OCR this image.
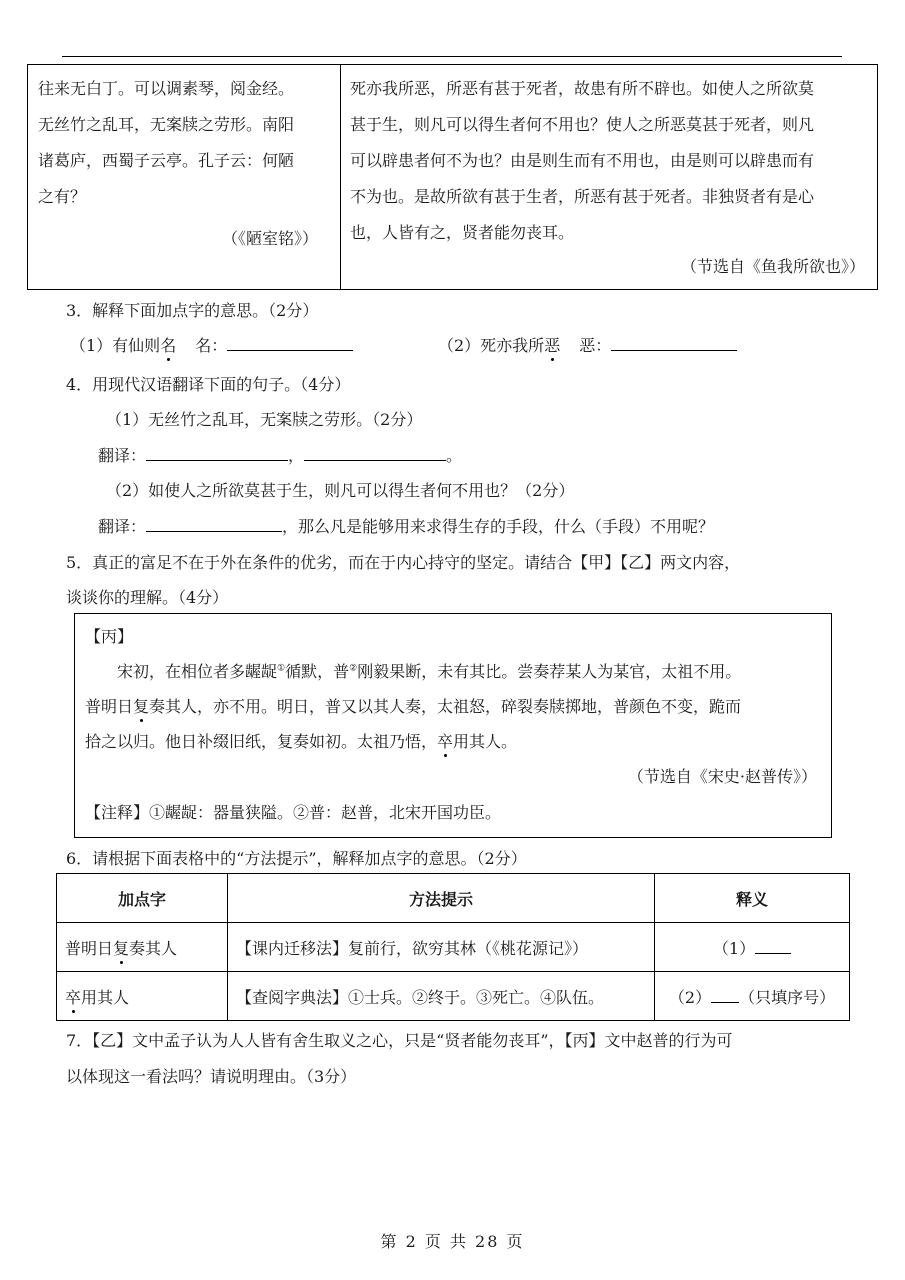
往来无白丁。可以调素琴，阅金经。
无丝竹之乱耳，无案牍之劳形。南阳
诸葛庐，西蜀子云亭。孔子云：何陋
之有？
（《陋室铭》）
死亦我所恶，所恶有甚于死者，故患有所不辟也。如使人之所欲莫
甚于生，则凡可以得生者何不用也？使人之所恶莫甚于死者，则凡
可以辟患者何不为也？由是则生而有不用也，由是则可以辟患而有
不为也。是故所欲有甚于生者，所恶有甚于死者。非独贤者有是心
也，人皆有之，贤者能勿丧耳。
（节选自《鱼我所欲也》）
3．解释下面加点字的意思。（2分）
（1）有仙则名 名：	（2）死亦我所恶 恶：
4．用现代汉语翻译下面的句子。（4分）
（1）无丝竹之乱耳，无案牍之劳形。（2分）
翻译：	，	。
（2）如使人之所欲莫甚于生，则凡可以得生者何不用也？（2分）
翻译：	，那么凡是能够用来求得生存的手段，什么（手段）不用呢？
5．真正的富足不在于外在条件的优劣，而在于内心持守的坚定。请结合【甲】【乙】两文内容，
谈谈你的理解。（4分）
【丙】
宋初，在相位者多龌龊①循默，普②刚毅果断，未有其比。尝奏荐某人为某官，太祖不用。
普明日复奏其人，亦不用。明日，普又以其人奏，太祖怒，碎裂奏牍掷地，普颜色不变，跪而
拾之以归。他日补缀旧纸，复奏如初。太祖乃悟，卒用其人。
（节选自《宋史·赵普传》）
【注释】①龌龊：器量狭隘。②普：赵普，北宋开国功臣。
6．请根据下面表格中的“方法提示”，解释加点字的意思。（2分）
加点字	方法提示	释义
普明日复奏其人	【课内迁移法】复前行，欲穷其林（《桃花源记》）	（1）
卒用其人	【查阅字典法】①士兵。②终于。③死亡。④队伍。	（2） （只填序号）
7．【乙】文中孟子认为人人皆有舍生取义之心，只是“贤者能勿丧耳”，【丙】文中赵普的行为可
以体现这一看法吗？请说明理由。（3分）
第 2 页 共 28 页
